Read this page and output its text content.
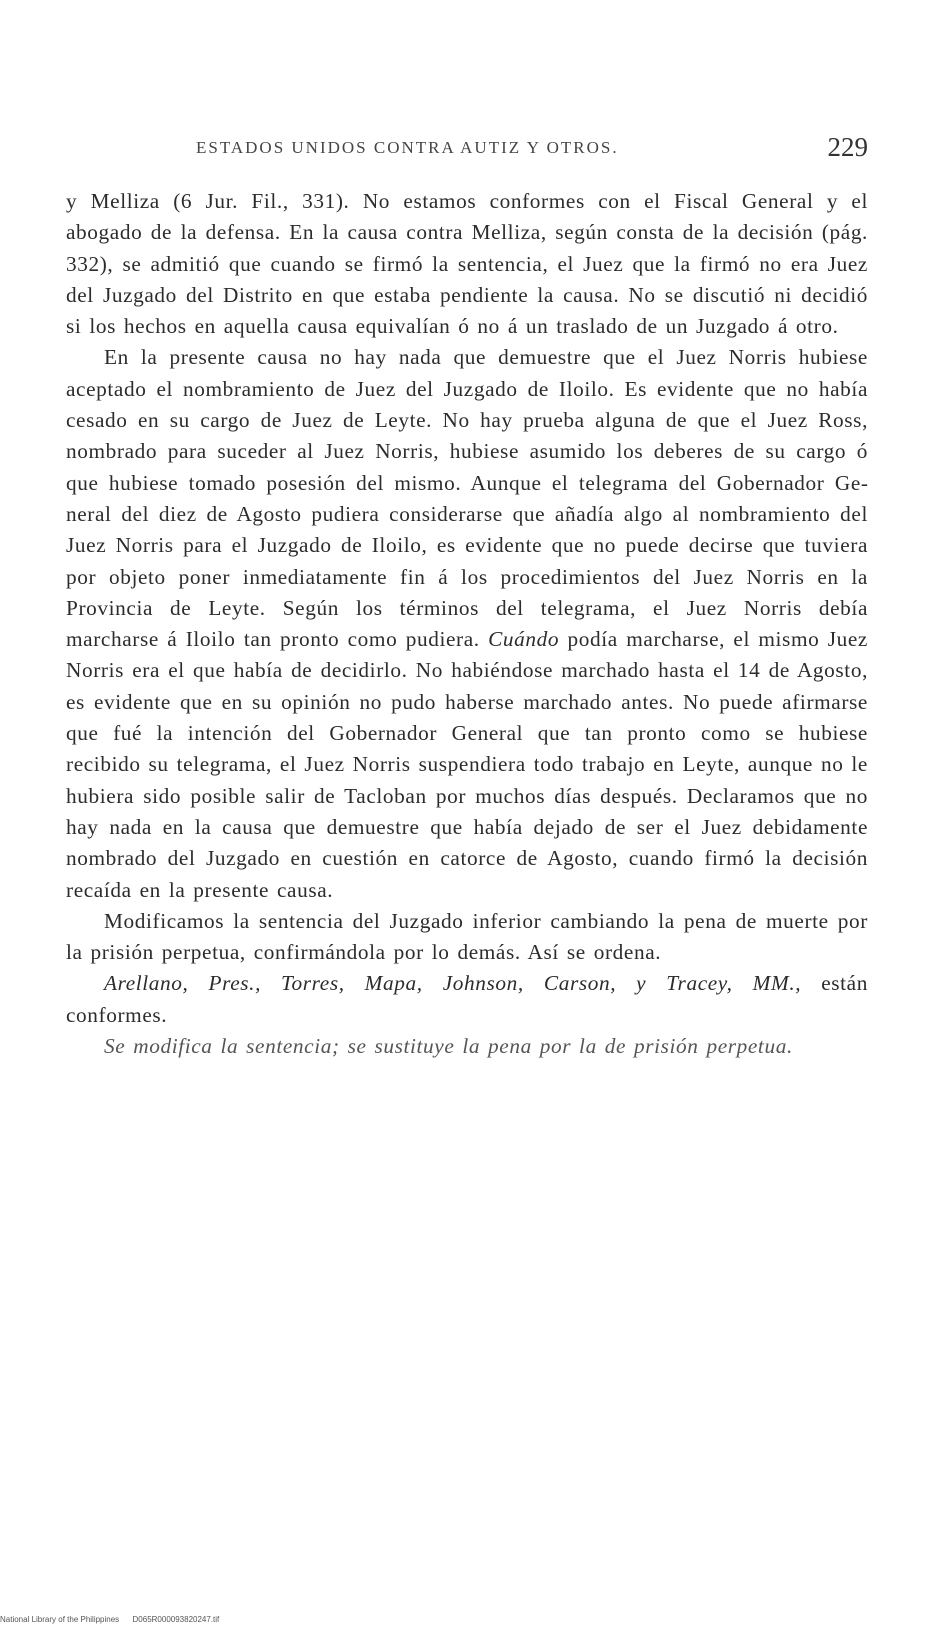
ESTADOS UNIDOS CONTRA AUTIZ Y OTROS.	229

y Melliza (6 Jur. Fil., 331). No estamos conformes con el Fiscal General y el abogado de la defensa. En la causa contra Melliza, según consta de la decisión (pág. 332), se admitió que cuando se firmó la sentencia, el Juez que la firmó no era Juez del Juzgado del Distrito en que estaba pendiente la causa. No se discutió ni decidió si los hechos en aquella causa equivalían ó no á un traslado de un Juzgado á otro.

En la presente causa no hay nada que demuestre que el Juez Norris hubiese aceptado el nombramiento de Juez del Juzgado de Iloilo. Es evidente que no había cesado en su cargo de Juez de Leyte. No hay prueba alguna de que el Juez Ross, nombrado para suceder al Juez Norris, hubiese asumido los deberes de su cargo ó que hubiese tomado posesión del mismo. Aunque el telegrama del Gobernador General del diez de Agosto pudiera considerarse que añadía algo al nombramiento del Juez Norris para el Juzgado de Iloilo, es evidente que no puede decirse que tuviera por objeto poner inmediatamente fin á los procedimientos del Juez Norris en la Provincia de Leyte. Según los términos del telegrama, el Juez Norris debía marcharse á Iloilo tan pronto como pudiera. Cuándo podía marcharse, el mismo Juez Norris era el que había de decidirlo. No habiéndose marchado hasta el 14 de Agosto, es evidente que en su opinión no pudo haberse marchado antes. No puede afirmarse que fué la intención del Gobernador General que tan pronto como se hubiese recibido su telegrama, el Juez Norris suspendiera todo trabajo en Leyte, aunque no le hubiera sido posible salir de Tacloban por muchos días después. Declaramos que no hay nada en la causa que demuestre que había dejado de ser el Juez debidamente nombrado del Juzgado en cuestión en catorce de Agosto, cuando firmó la decisión recaída en la presente causa.

Modificamos la sentencia del Juzgado inferior cambiando la pena de muerte por la prisión perpetua, confirmándola por lo demás. Así se ordena.

Arellano, Pres., Torres, Mapa, Johnson, Carson, y Tracey, MM., están conformes.

Se modifica la sentencia; se sustituye la pena por la de prisión perpetua.

National Library of the Philippines D065R000093820247.tif
